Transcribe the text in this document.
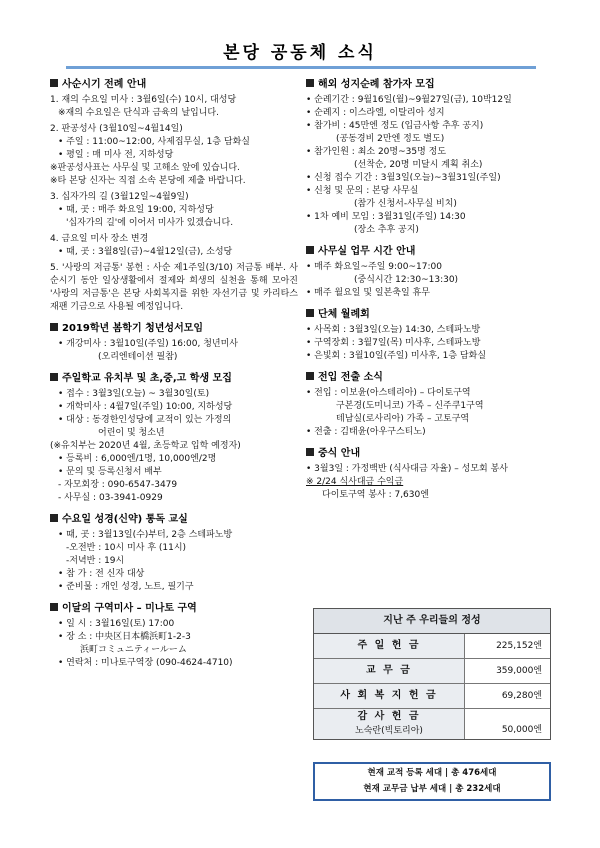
본당 공동체 소식
사순시기 전례 안내
1. 재의 수요일 미사 : 3월6일(수) 10시, 대성당
※재의 수요일은 단식과 금육의 날입니다.
2. 판공성사 (3월10일~4월14일)
• 주일 : 11:00~12:00, 사제집무실, 1층 담화실
• 평일 : 매 미사 전, 지하성당
※판공성사표는 사무실 및 고해소 앞에 있습니다.
※타 본당 신자는 직접 소속 본당에 제출 바랍니다.
3. 십자가의 길 (3월12일~4월9일)
• 때, 곳 : 매주 화요일 19:00, 지하성당
'십자가의 길'에 이어서 미사가 있겠습니다.
4. 금요일 미사 장소 변경
• 때, 곳 : 3월8일(금)~4월12일(금), 소성당
5. '사랑의 저금통' 봉헌 : 사순 제1주일(3/10) 저금통 배부. 사순시기 동안 일상생활에서 절제와 희생의 실천을 통해 모아진 '사랑의 저금통'은 본당 사회복지를 위한 자선기금 및 카리타스재팬 기금으로 사용될 예정입니다.
2019학년 봄학기 청년성서모임
• 개강미사 : 3월10일(주일) 16:00, 청년미사
(오리엔테이션 필참)
주일학교 유치부 및 초,중,고 학생 모집
• 접수 : 3월3일(오늘) ~ 3월30일(토)
• 개학미사 : 4월7일(주일) 10:00, 지하성당
• 대상 : 동경한인성당에 교적이 있는 가정의
어린이 및 청소년
(※유치부는 2020년 4월, 초등학교 입학 예정자)
• 등록비 : 6,000엔/1명, 10,000엔/2명
• 문의 및 등록신청서 배부
- 자모회장 : 090-6547-3479
- 사무실 : 03-3941-0929
수요일 성경(신약) 통독 교실
• 때, 곳 : 3월13일(수)부터, 2층 스테파노방
-오전반 : 10시 미사 후 (11시)
-저녁반 : 19시
• 참 가 : 전 신자 대상
• 준비물 : 개인 성경, 노트, 필기구
이달의 구역미사 – 미나토 구역
• 일 시 : 3월16일(토) 17:00
• 장 소 : 中央区日本橋浜町1-2-3
浜町コミュニティールーム
• 연락처 : 미나토구역장 (090-4624-4710)
해외 성지순례 참가자 모집
• 순례기간 : 9월16일(월)~9월27일(금), 10박12일
• 순례지 : 이스라엘, 이탈리아 성지
• 참가비 : 45만엔 정도 (입금사항 추후 공지)
(공동경비 2만엔 정도 별도)
• 참가인원 : 최소 20명~35명 정도
(선착순, 20명 미달시 계획 취소)
• 신청 접수 기간 : 3월3일(오늘)~3월31일(주일)
• 신청 및 문의 : 본당 사무실
(참가 신청서-사무실 비치)
• 1차 예비 모임 : 3월31일(주일) 14:30
(장소 추후 공지)
사무실 업무 시간 안내
• 매주 화요일~주일 9:00~17:00
(중식시간 12:30~13:30)
• 매주 월요일 및 일본축일 휴무
단체 월례회
• 사목회 : 3월3일(오늘) 14:30, 스테파노방
• 구역장회 : 3월7일(목) 미사후, 스테파노방
• 은빛회 : 3월10일(주일) 미사후, 1층 담화실
전입 전출 소식
• 전입 : 이보윤(아스테리아) – 다이토구역
구본경(도미니코) 가족 – 신주쿠1구역
테남실(로사리아) 가족 – 고토구역
• 전출 : 김태윤(아우구스티노)
중식 안내
• 3월3일 : 가정백반 (식사대금 자율) – 성모회 봉사
※ 2/24 식사대금 수익금
다이토구역 봉사 : 7,630엔
지난 주 우리들의 정성
주 일 헌 금	225,152엔
교 무 금	359,000엔
사 회 복 지 헌 금	69,280엔
감 사 헌 금
노숙란(빅토리아)	50,000엔
현재 교적 등록 세대 | 총 476세대
현재 교무금 납부 세대 | 총 232세대
